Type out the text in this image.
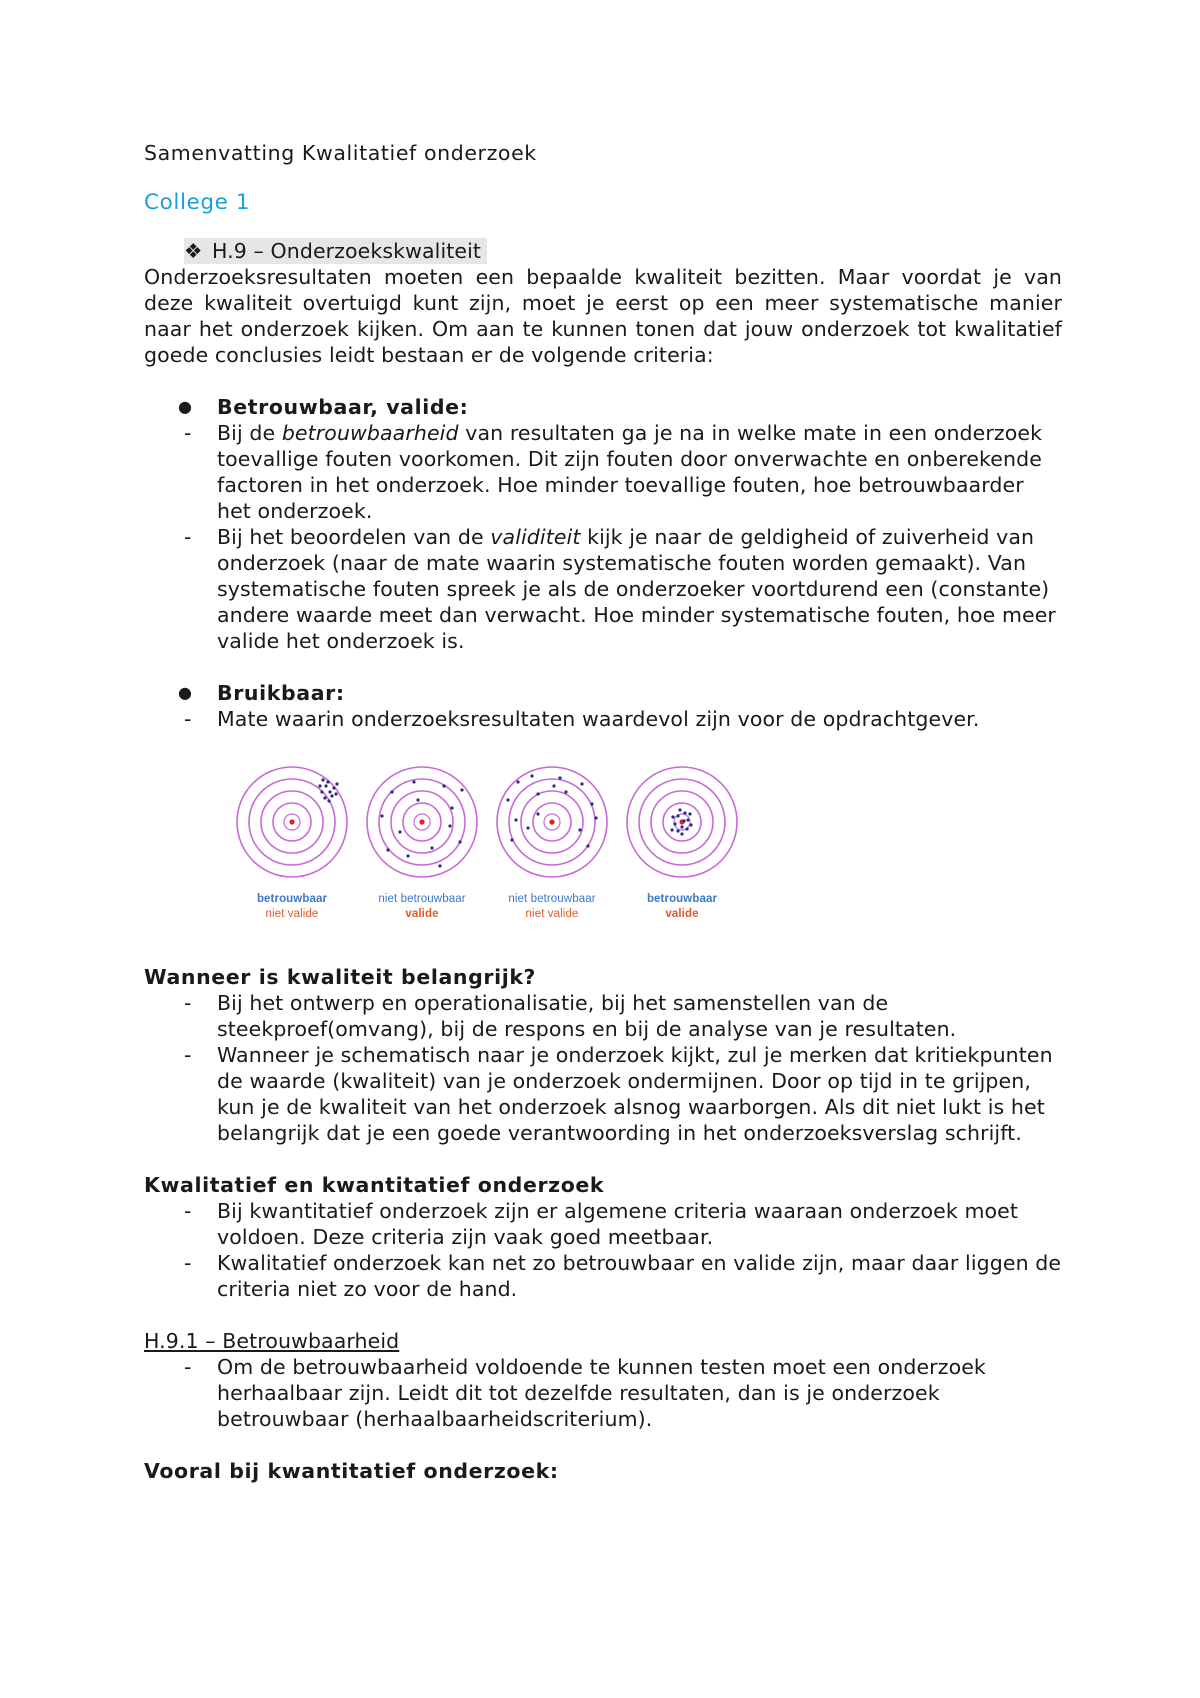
Samenvatting Kwalitatief onderzoek
College 1
❖ H.9 – Onderzoekskwaliteit
Onderzoeksresultaten moeten een bepaalde kwaliteit bezitten. Maar voordat je van deze kwaliteit overtuigd kunt zijn, moet je eerst op een meer systematische manier naar het onderzoek kijken. Om aan te kunnen tonen dat jouw onderzoek tot kwalitatief goede conclusies leidt bestaan er de volgende criteria:
● Betrouwbaar, valide:
- Bij de betrouwbaarheid van resultaten ga je na in welke mate in een onderzoek toevallige fouten voorkomen. Dit zijn fouten door onverwachte en onberekende factoren in het onderzoek. Hoe minder toevallige fouten, hoe betrouwbaarder het onderzoek.
- Bij het beoordelen van de validiteit kijk je naar de geldigheid of zuiverheid van onderzoek (naar de mate waarin systematische fouten worden gemaakt). Van systematische fouten spreek je als de onderzoeker voortdurend een (constante) andere waarde meet dan verwacht. Hoe minder systematische fouten, hoe meer valide het onderzoek is.
● Bruikbaar:
- Mate waarin onderzoeksresultaten waardevol zijn voor de opdrachtgever.
betrouwbaar
niet valide
niet betrouwbaar
valide
niet betrouwbaar
niet valide
betrouwbaar
valide
Wanneer is kwaliteit belangrijk?
- Bij het ontwerp en operationalisatie, bij het samenstellen van de steekproef(omvang), bij de respons en bij de analyse van je resultaten.
- Wanneer je schematisch naar je onderzoek kijkt, zul je merken dat kritiekpunten de waarde (kwaliteit) van je onderzoek ondermijnen. Door op tijd in te grijpen, kun je de kwaliteit van het onderzoek alsnog waarborgen. Als dit niet lukt is het belangrijk dat je een goede verantwoording in het onderzoeksverslag schrijft.
Kwalitatief en kwantitatief onderzoek
- Bij kwantitatief onderzoek zijn er algemene criteria waaraan onderzoek moet voldoen. Deze criteria zijn vaak goed meetbaar.
- Kwalitatief onderzoek kan net zo betrouwbaar en valide zijn, maar daar liggen de criteria niet zo voor de hand.
H.9.1 – Betrouwbaarheid
- Om de betrouwbaarheid voldoende te kunnen testen moet een onderzoek herhaalbaar zijn. Leidt dit tot dezelfde resultaten, dan is je onderzoek betrouwbaar (herhaalbaarheidscriterium).
Vooral bij kwantitatief onderzoek:
